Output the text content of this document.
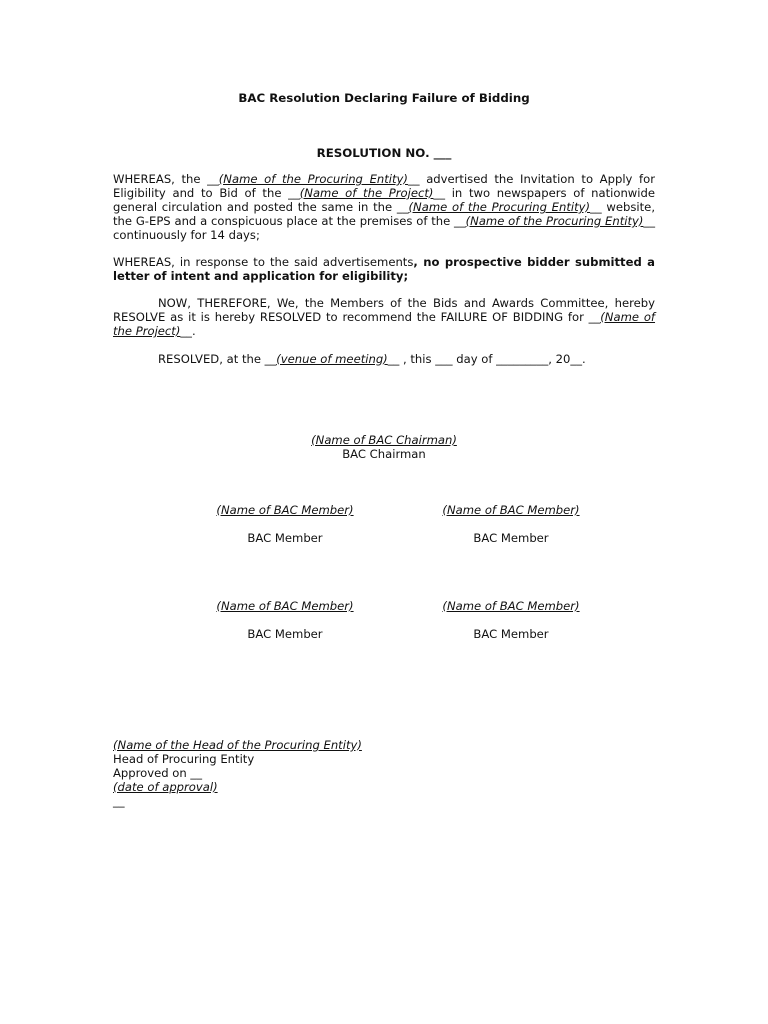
BAC Resolution Declaring Failure of Bidding
RESOLUTION NO. ___
WHEREAS, the __(Name of the Procuring Entity)__ advertised the Invitation to Apply for Eligibility and to Bid of the __(Name of the Project)__ in two newspapers of nationwide general circulation and posted the same in the __(Name of the Procuring Entity)__ website, the G-EPS and a conspicuous place at the premises of the __(Name of the Procuring Entity)__ continuously for 14 days;
WHEREAS, in response to the said advertisements, no prospective bidder submitted a letter of intent and application for eligibility;
NOW, THEREFORE, We, the Members of the Bids and Awards Committee, hereby RESOLVE as it is hereby RESOLVED to recommend the FAILURE OF BIDDING for __(Name of the Project)__.
RESOLVED, at the __(venue of meeting)__ , this ___ day of _________, 20__.
(Name of BAC Chairman)
BAC Chairman
(Name of BAC Member)
BAC Member
(Name of BAC Member)
BAC Member
(Name of BAC Member)
BAC Member
(Name of BAC Member)
BAC Member
(Name of the Head of the Procuring Entity)
Head of Procuring Entity
Approved on __
(date of approval)
__
